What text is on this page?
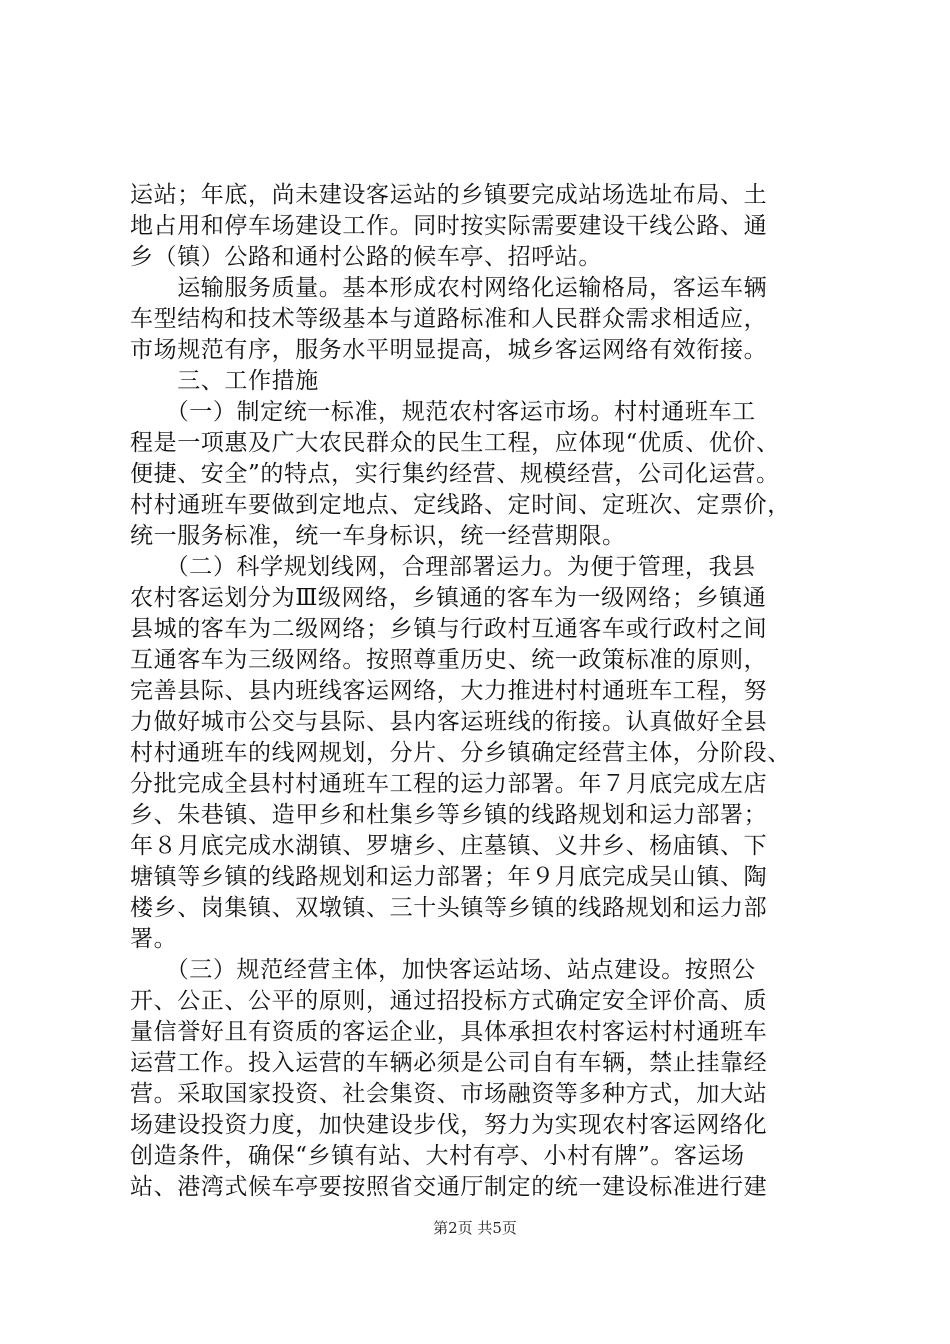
运站；年底，尚未建设客运站的乡镇要完成站场选址布局、土
地占用和停车场建设工作。同时按实际需要建设干线公路、通
乡（镇）公路和通村公路的候车亭、招呼站。
　　运输服务质量。基本形成农村网络化运输格局，客运车辆
车型结构和技术等级基本与道路标准和人民群众需求相适应，
市场规范有序，服务水平明显提高，城乡客运网络有效衔接。
　　三、工作措施
　　（一）制定统一标准，规范农村客运市场。村村通班车工
程是一项惠及广大农民群众的民生工程，应体现“优质、优价、
便捷、安全”的特点，实行集约经营、规模经营，公司化运营。
村村通班车要做到定地点、定线路、定时间、定班次、定票价，
统一服务标准，统一车身标识，统一经营期限。
　　（二）科学规划线网，合理部署运力。为便于管理，我县
农村客运划分为Ⅲ级网络，乡镇通的客车为一级网络；乡镇通
县城的客车为二级网络；乡镇与行政村互通客车或行政村之间
互通客车为三级网络。按照尊重历史、统一政策标准的原则，
完善县际、县内班线客运网络，大力推进村村通班车工程，努
力做好城市公交与县际、县内客运班线的衔接。认真做好全县
村村通班车的线网规划，分片、分乡镇确定经营主体，分阶段、
分批完成全县村村通班车工程的运力部署。年７月底完成左店
乡、朱巷镇、造甲乡和杜集乡等乡镇的线路规划和运力部署；
年８月底完成水湖镇、罗塘乡、庄墓镇、义井乡、杨庙镇、下
塘镇等乡镇的线路规划和运力部署；年９月底完成吴山镇、陶
楼乡、岗集镇、双墩镇、三十头镇等乡镇的线路规划和运力部
署。
　　（三）规范经营主体，加快客运站场、站点建设。按照公
开、公正、公平的原则，通过招投标方式确定安全评价高、质
量信誉好且有资质的客运企业，具体承担农村客运村村通班车
运营工作。投入运营的车辆必须是公司自有车辆，禁止挂靠经
营。采取国家投资、社会集资、市场融资等多种方式，加大站
场建设投资力度，加快建设步伐，努力为实现农村客运网络化
创造条件，确保“乡镇有站、大村有亭、小村有牌”。客运场
站、港湾式候车亭要按照省交通厅制定的统一建设标准进行建
第2页 共5页
